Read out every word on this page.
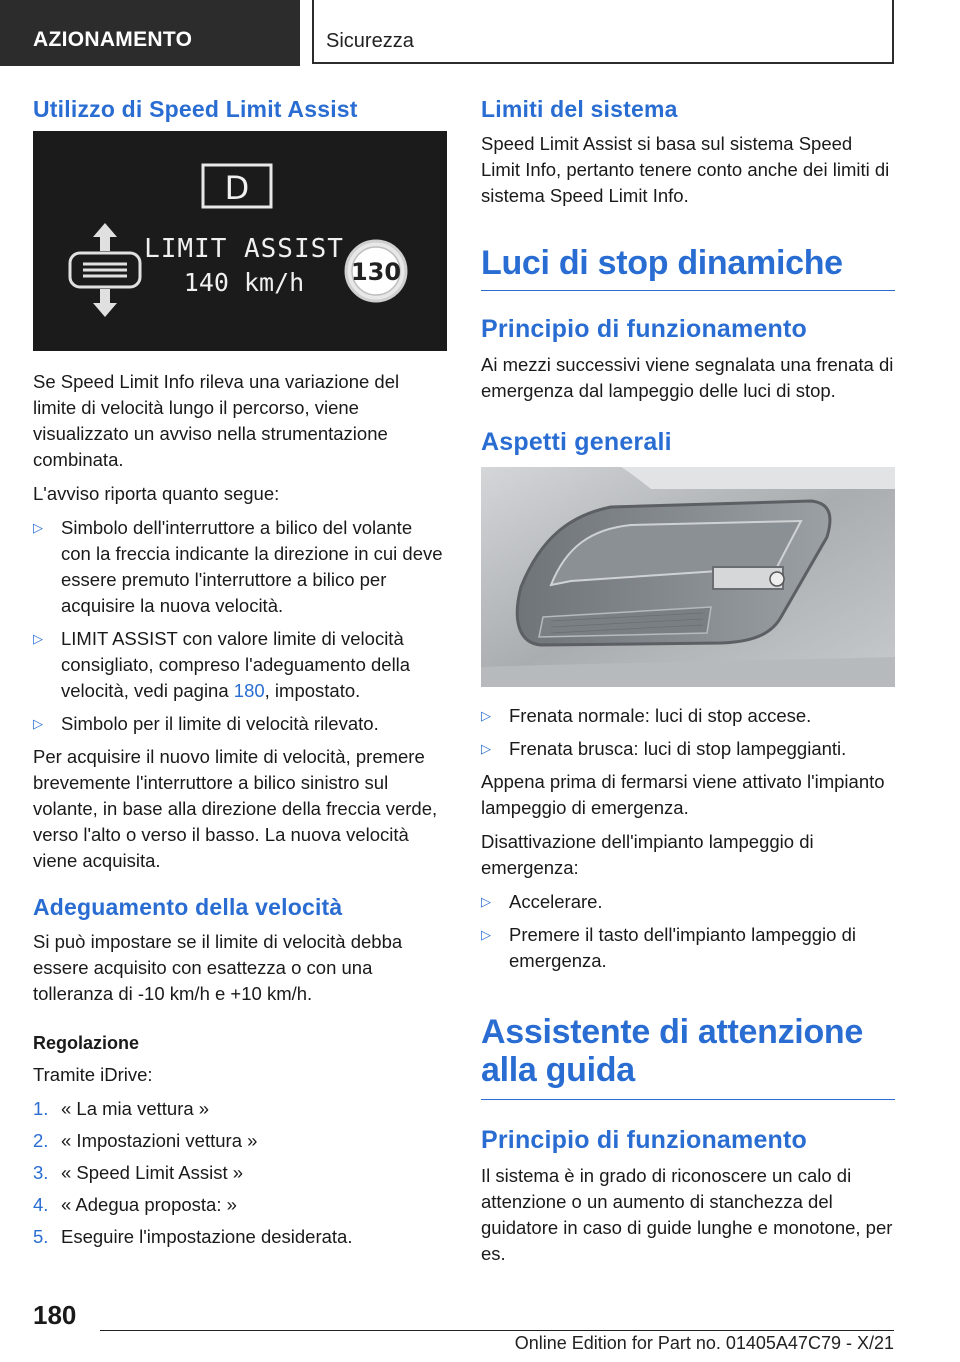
AZIONAMENTO	Sicurezza
Utilizzo di Speed Limit Assist
D
LIMIT ASSIST
140 km/h 130

Se Speed Limit Info rileva una variazione del limite di velocità lungo il percorso, viene visualizzato un avviso nella strumentazione combinata.

L'avviso riporta quanto segue:

▷ Simbolo dell'interruttore a bilico del volante con la freccia indicante la direzione in cui deve essere premuto l'interruttore a bilico per acquisire la nuova velocità.
▷ LIMIT ASSIST con valore limite di velocità consigliato, compreso l'adeguamento della velocità, vedi pagina 180, impostato.
▷ Simbolo per il limite di velocità rilevato.

Per acquisire il nuovo limite di velocità, premere brevemente l'interruttore a bilico sinistro sul volante, in base alla direzione della freccia verde, verso l'alto o verso il basso. La nuova velocità viene acquisita.

Adeguamento della velocità

Si può impostare se il limite di velocità debba essere acquisito con esattezza o con una tolleranza di -10 km/h e +10 km/h.

Regolazione

Tramite iDrive:

1. « La mia vettura »
2. « Impostazioni vettura »
3. « Speed Limit Assist »
4. « Adegua proposta: »
5. Eseguire l'impostazione desiderata.
Limiti del sistema

Speed Limit Assist si basa sul sistema Speed Limit Info, pertanto tenere conto anche dei limiti di sistema Speed Limit Info.

Luci di stop dinamiche
Principio di funzionamento

Ai mezzi successivi viene segnalata una frenata di emergenza dal lampeggio delle luci di stop.

Aspetti generali
▷ Frenata normale: luci di stop accese.
▷ Frenata brusca: luci di stop lampeggianti.

Appena prima di fermarsi viene attivato l'impianto lampeggio di emergenza.

Disattivazione dell'impianto lampeggio di emergenza:

▷ Accelerare.
▷ Premere il tasto dell'impianto lampeggio di emergenza.
Assistente di attenzione alla guida
Principio di funzionamento

Il sistema è in grado di riconoscere un calo di attenzione o un aumento di stanchezza del guidatore in caso di guide lunghe e monotone, per es.

180
Online Edition for Part no. 01405A47C79 - X/21
